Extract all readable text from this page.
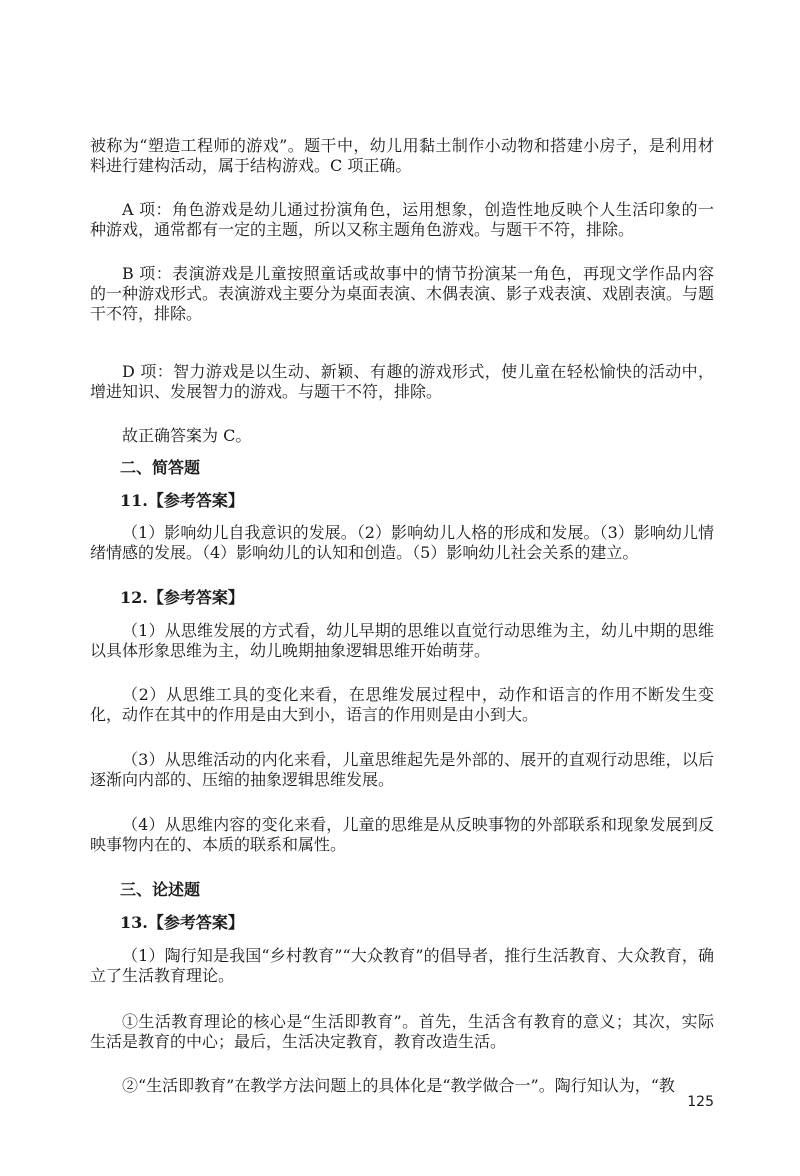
被称为“塑造工程师的游戏”。题干中，幼儿用黏土制作小动物和搭建小房子，是利用材料进行建构活动，属于结构游戏。C 项正确。

A 项：角色游戏是幼儿通过扮演角色，运用想象，创造性地反映个人生活印象的一种游戏，通常都有一定的主题，所以又称主题角色游戏。与题干不符，排除。

B 项：表演游戏是儿童按照童话或故事中的情节扮演某一角色，再现文学作品内容的一种游戏形式。表演游戏主要分为桌面表演、木偶表演、影子戏表演、戏剧表演。与题干不符，排除。

D 项：智力游戏是以生动、新颖、有趣的游戏形式，使儿童在轻松愉快的活动中，增进知识、发展智力的游戏。与题干不符，排除。

故正确答案为 C。

二、简答题

11.【参考答案】

（1）影响幼儿自我意识的发展。（2）影响幼儿人格的形成和发展。（3）影响幼儿情绪情感的发展。（4）影响幼儿的认知和创造。（5）影响幼儿社会关系的建立。

12.【参考答案】

（1）从思维发展的方式看，幼儿早期的思维以直觉行动思维为主，幼儿中期的思维以具体形象思维为主，幼儿晚期抽象逻辑思维开始萌芽。

（2）从思维工具的变化来看，在思维发展过程中，动作和语言的作用不断发生变化，动作在其中的作用是由大到小，语言的作用则是由小到大。

（3）从思维活动的内化来看，儿童思维起先是外部的、展开的直观行动思维，以后逐渐向内部的、压缩的抽象逻辑思维发展。

（4）从思维内容的变化来看，儿童的思维是从反映事物的外部联系和现象发展到反映事物内在的、本质的联系和属性。

三、论述题

13.【参考答案】

（1）陶行知是我国“乡村教育”“大众教育”的倡导者，推行生活教育、大众教育，确立了生活教育理论。

①生活教育理论的核心是“生活即教育”。首先，生活含有教育的意义；其次，实际生活是教育的中心；最后，生活决定教育，教育改造生活。

②“生活即教育”在教学方法问题上的具体化是“教学做合一”。陶行知认为，“教

125
